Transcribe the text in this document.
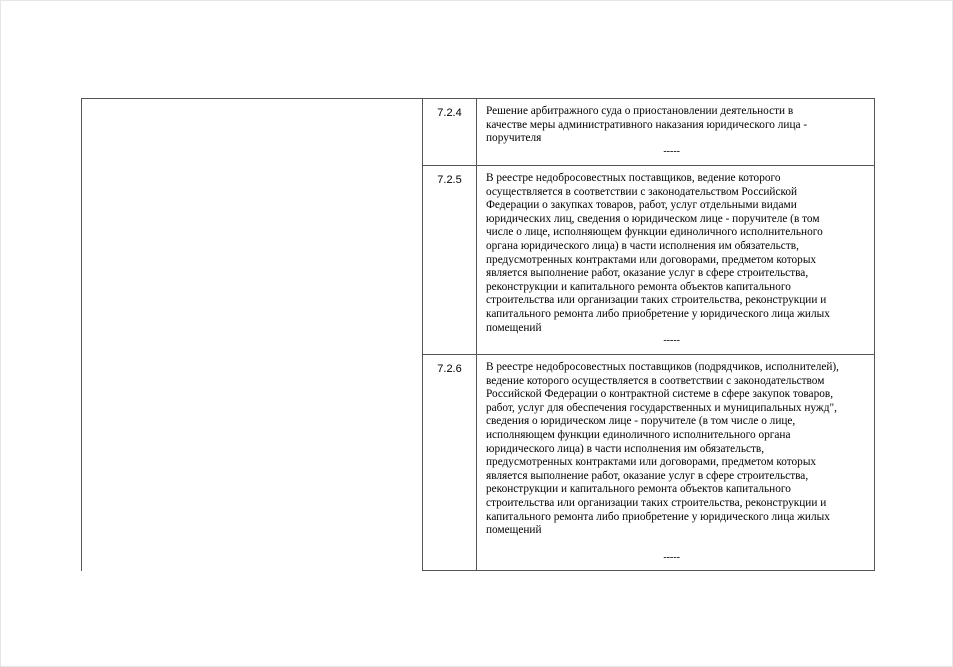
7.2.4	Решение арбитражного суда о приостановлении деятельности в

качестве меры административного наказания юридического лица -

поручителя

-----
7.2.5	В реестре недобросовестных поставщиков, ведение которого

осуществляется в соответствии с законодательством Российской

Федерации о закупках товаров, работ, услуг отдельными видами

юридических лиц, сведения о юридическом лице - поручителе (в том

числе о лице, исполняющем функции единоличного исполнительного

органа юридического лица) в части исполнения им обязательств,

предусмотренных контрактами или договорами, предметом которых

является выполнение работ, оказание услуг в сфере строительства,

реконструкции и капитального ремонта объектов капитального

строительства или организации таких строительства, реконструкции и

капитального ремонта либо приобретение у юридического лица жилых

помещений

-----
7.2.6	В реестре недобросовестных поставщиков (подрядчиков, исполнителей),

ведение которого осуществляется в соответствии с законодательством

Российской Федерации о контрактной системе в сфере закупок товаров,

работ, услуг для обеспечения государственных и муниципальных нужд",

сведения о юридическом лице - поручителе (в том числе о лице,

исполняющем функции единоличного исполнительного органа

юридического лица) в части исполнения им обязательств,

предусмотренных контрактами или договорами, предметом которых

является выполнение работ, оказание услуг в сфере строительства,

реконструкции и капитального ремонта объектов капитального

строительства или организации таких строительства, реконструкции и

капитального ремонта либо приобретение у юридического лица жилых

помещений

-----
